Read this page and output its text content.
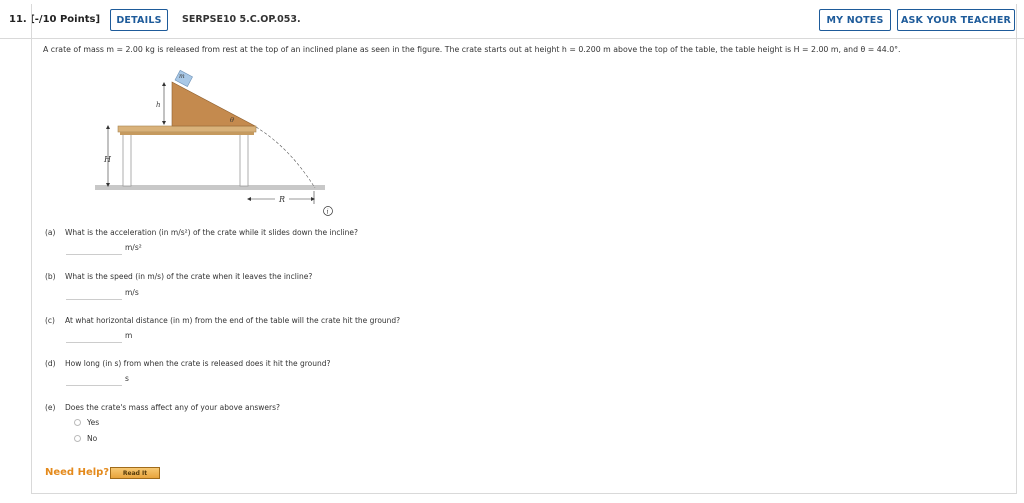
11. [-/10 Points]	DETAILS	SERPSE10 5.C.OP.053.	MY NOTES	ASK YOUR TEACHER
A crate of mass m = 2.00 kg is released from rest at the top of an inclined plane as seen in the figure. The crate starts out at height h = 0.200 m above the top of the table, the table height is H = 2.00 m, and θ = 44.0°.
m
h
θ
H
R
i
(a) What is the acceleration (in m/s²) of the crate while it slides down the incline?
m/s²
(b) What is the speed (in m/s) of the crate when it leaves the incline?
m/s
(c) At what horizontal distance (in m) from the end of the table will the crate hit the ground?
m
(d) How long (in s) from when the crate is released does it hit the ground?
s
(e) Does the crate's mass affect any of your above answers?
Yes
No
Need Help?	Read It
